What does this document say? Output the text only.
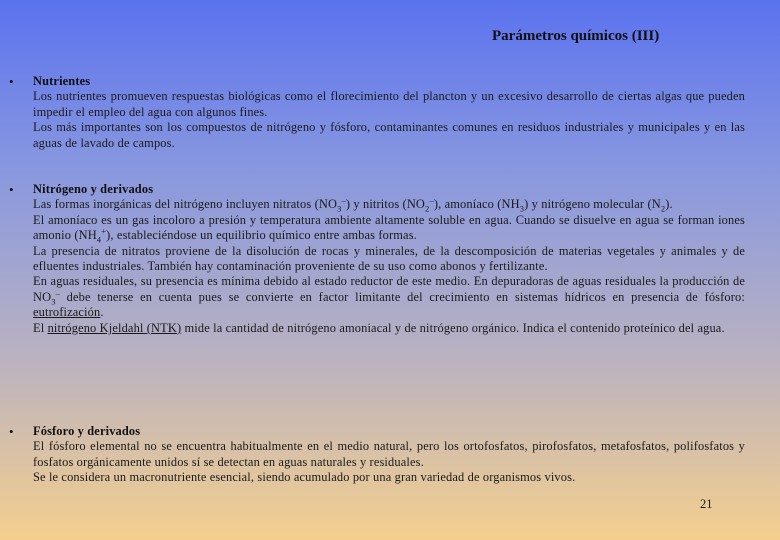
Parámetros químicos (III)
• Nutrientes

Los nutrientes promueven respuestas biológicas como el florecimiento del plancton y un excesivo desarrollo de ciertas algas que pueden impedir el empleo del agua con algunos fines.

Los más importantes son los compuestos de nitrógeno y fósforo, contaminantes comunes en residuos industriales y municipales y en las aguas de lavado de campos.

• Nitrógeno y derivados

Las formas inorgánicas del nitrógeno incluyen nitratos $(NO_3^-)$ y nitritos $(NO_2^-)$, amoníaco $(NH_3)$ y nitrógeno molecular $(N_2)$.

El amoníaco es un gas incoloro a presión y temperatura ambiente altamente soluble en agua. Cuando se disuelve en agua se forman iones amonio $(NH_4^+)$, estableciéndose un equilibrio químico entre ambas formas.

La presencia de nitratos proviene de la disolución de rocas y minerales, de la descomposición de materias vegetales y animales y de efluentes industriales. También hay contaminación proveniente de su uso como abonos y fertilizante.

En aguas residuales, su presencia es mínima debido al estado reductor de este medio. En depuradoras de aguas residuales la producción de $NO_3^-$ debe tenerse en cuenta pues se convierte en factor limitante del crecimiento en sistemas hídricos en presencia de fósforo: eutrofización.

El nitrógeno Kjeldahl (NTK) mide la cantidad de nitrógeno amoniacal y de nitrógeno orgánico. Indica el contenido proteínico del agua.

• Fósforo y derivados

El fósforo elemental no se encuentra habitualmente en el medio natural, pero los ortofosfatos, pirofosfatos, metafosfatos, polifosfatos y fosfatos orgánicamente unidos sí se detectan en aguas naturales y residuales.

Se le considera un macronutriente esencial, siendo acumulado por una gran variedad de organismos vivos.

21
